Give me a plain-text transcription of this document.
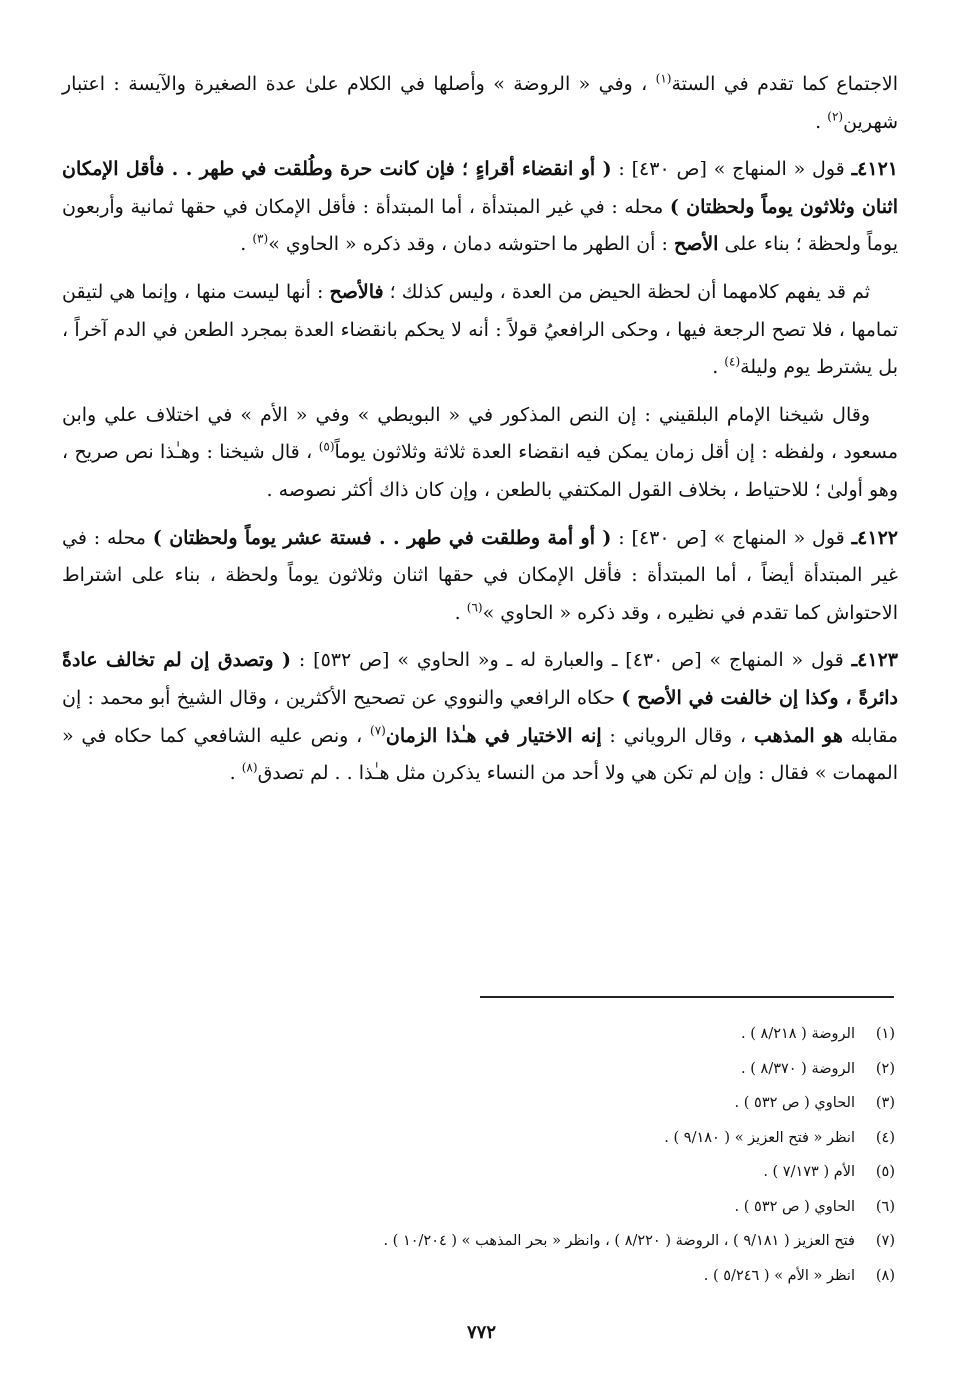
الاجتماع كما تقدم في الستة$^{(١)}$ ، وفي « الروضة » وأصلها في الكلام علىٰ عدة الصغيرة والآيسة : اعتبار شهرين$^{(٢)}$ .

٤١٢١ـ قول « المنهاج » [ص ٤٣٠] : ( أو انقضاء أقراءٍ ؛ فإن كانت حرة وطُلقت في طهر . . فأقل الإمكان اثنان وثلاثون يوماً ولحظتان ) محله : في غير المبتدأة ، أما المبتدأة : فأقل الإمكان في حقها ثمانية وأربعون يوماً ولحظة ؛ بناء على الأصح : أن الطهر ما احتوشه دمان ، وقد ذكره « الحاوي »$^{(٣)}$ .

ثم قد يفهم كلامهما أن لحظة الحيض من العدة ، وليس كذلك ؛ فالأصح : أنها ليست منها ، وإنما هي لتيقن تمامها ، فلا تصح الرجعة فيها ، وحكى الرافعيُ قولاً : أنه لا يحكم بانقضاء العدة بمجرد الطعن في الدم آخراً ، بل يشترط يوم وليلة$^{(٤)}$ .

وقال شيخنا الإمام البلقيني : إن النص المذكور في « البويطي » وفي « الأم » في اختلاف علي وابن مسعود ، ولفظه : إن أقل زمان يمكن فيه انقضاء العدة ثلاثة وثلاثون يوماً$^{(٥)}$ ، قال شيخنا : وهـٰذا نص صريح ، وهو أولىٰ ؛ للاحتياط ، بخلاف القول المكتفي بالطعن ، وإن كان ذاك أكثر نصوصه .

٤١٢٢ـ قول « المنهاج » [ص ٤٣٠] : ( أو أمة وطلقت في طهر . . فستة عشر يوماً ولحظتان ) محله : في غير المبتدأة أيضاً ، أما المبتدأة : فأقل الإمكان في حقها اثنان وثلاثون يوماً ولحظة ، بناء على اشتراط الاحتواش كما تقدم في نظيره ، وقد ذكره « الحاوي »$^{(٦)}$ .

٤١٢٣ـ قول « المنهاج » [ص ٤٣٠] ـ والعبارة له ـ و« الحاوي » [ص ٥٣٢] : ( وتصدق إن لم تخالف عادةً دائرةً ، وكذا إن خالفت في الأصح ) حكاه الرافعي والنووي عن تصحيح الأكثرين ، وقال الشيخ أبو محمد : إن مقابله هو المذهب ، وقال الروياني : إنه الاختيار في هـٰذا الزمان$^{(٧)}$ ، ونص عليه الشافعي كما حكاه في « المهمات » فقال : وإن لم تكن هي ولا أحد من النساء يذكرن مثل هـٰذا . . لم تصدق$^{(٨)}$ .

(١)الروضة ( ٨/٢١٨ ) .
(٢)الروضة ( ٨/٣٧٠ ) .
(٣)الحاوي ( ص ٥٣٢ ) .
(٤)انظر « فتح العزيز » ( ٩/١٨٠ ) .
(٥)الأم ( ٧/١٧٣ ) .
(٦)الحاوي ( ص ٥٣٢ ) .
(٧)فتح العزيز ( ٩/١٨١ ) ، الروضة ( ٨/٢٢٠ ) ، وانظر « بحر المذهب » ( ١٠/٢٠٤ ) .
(٨)انظر « الأم » ( ٥/٢٤٦ ) .
٧٧٢
